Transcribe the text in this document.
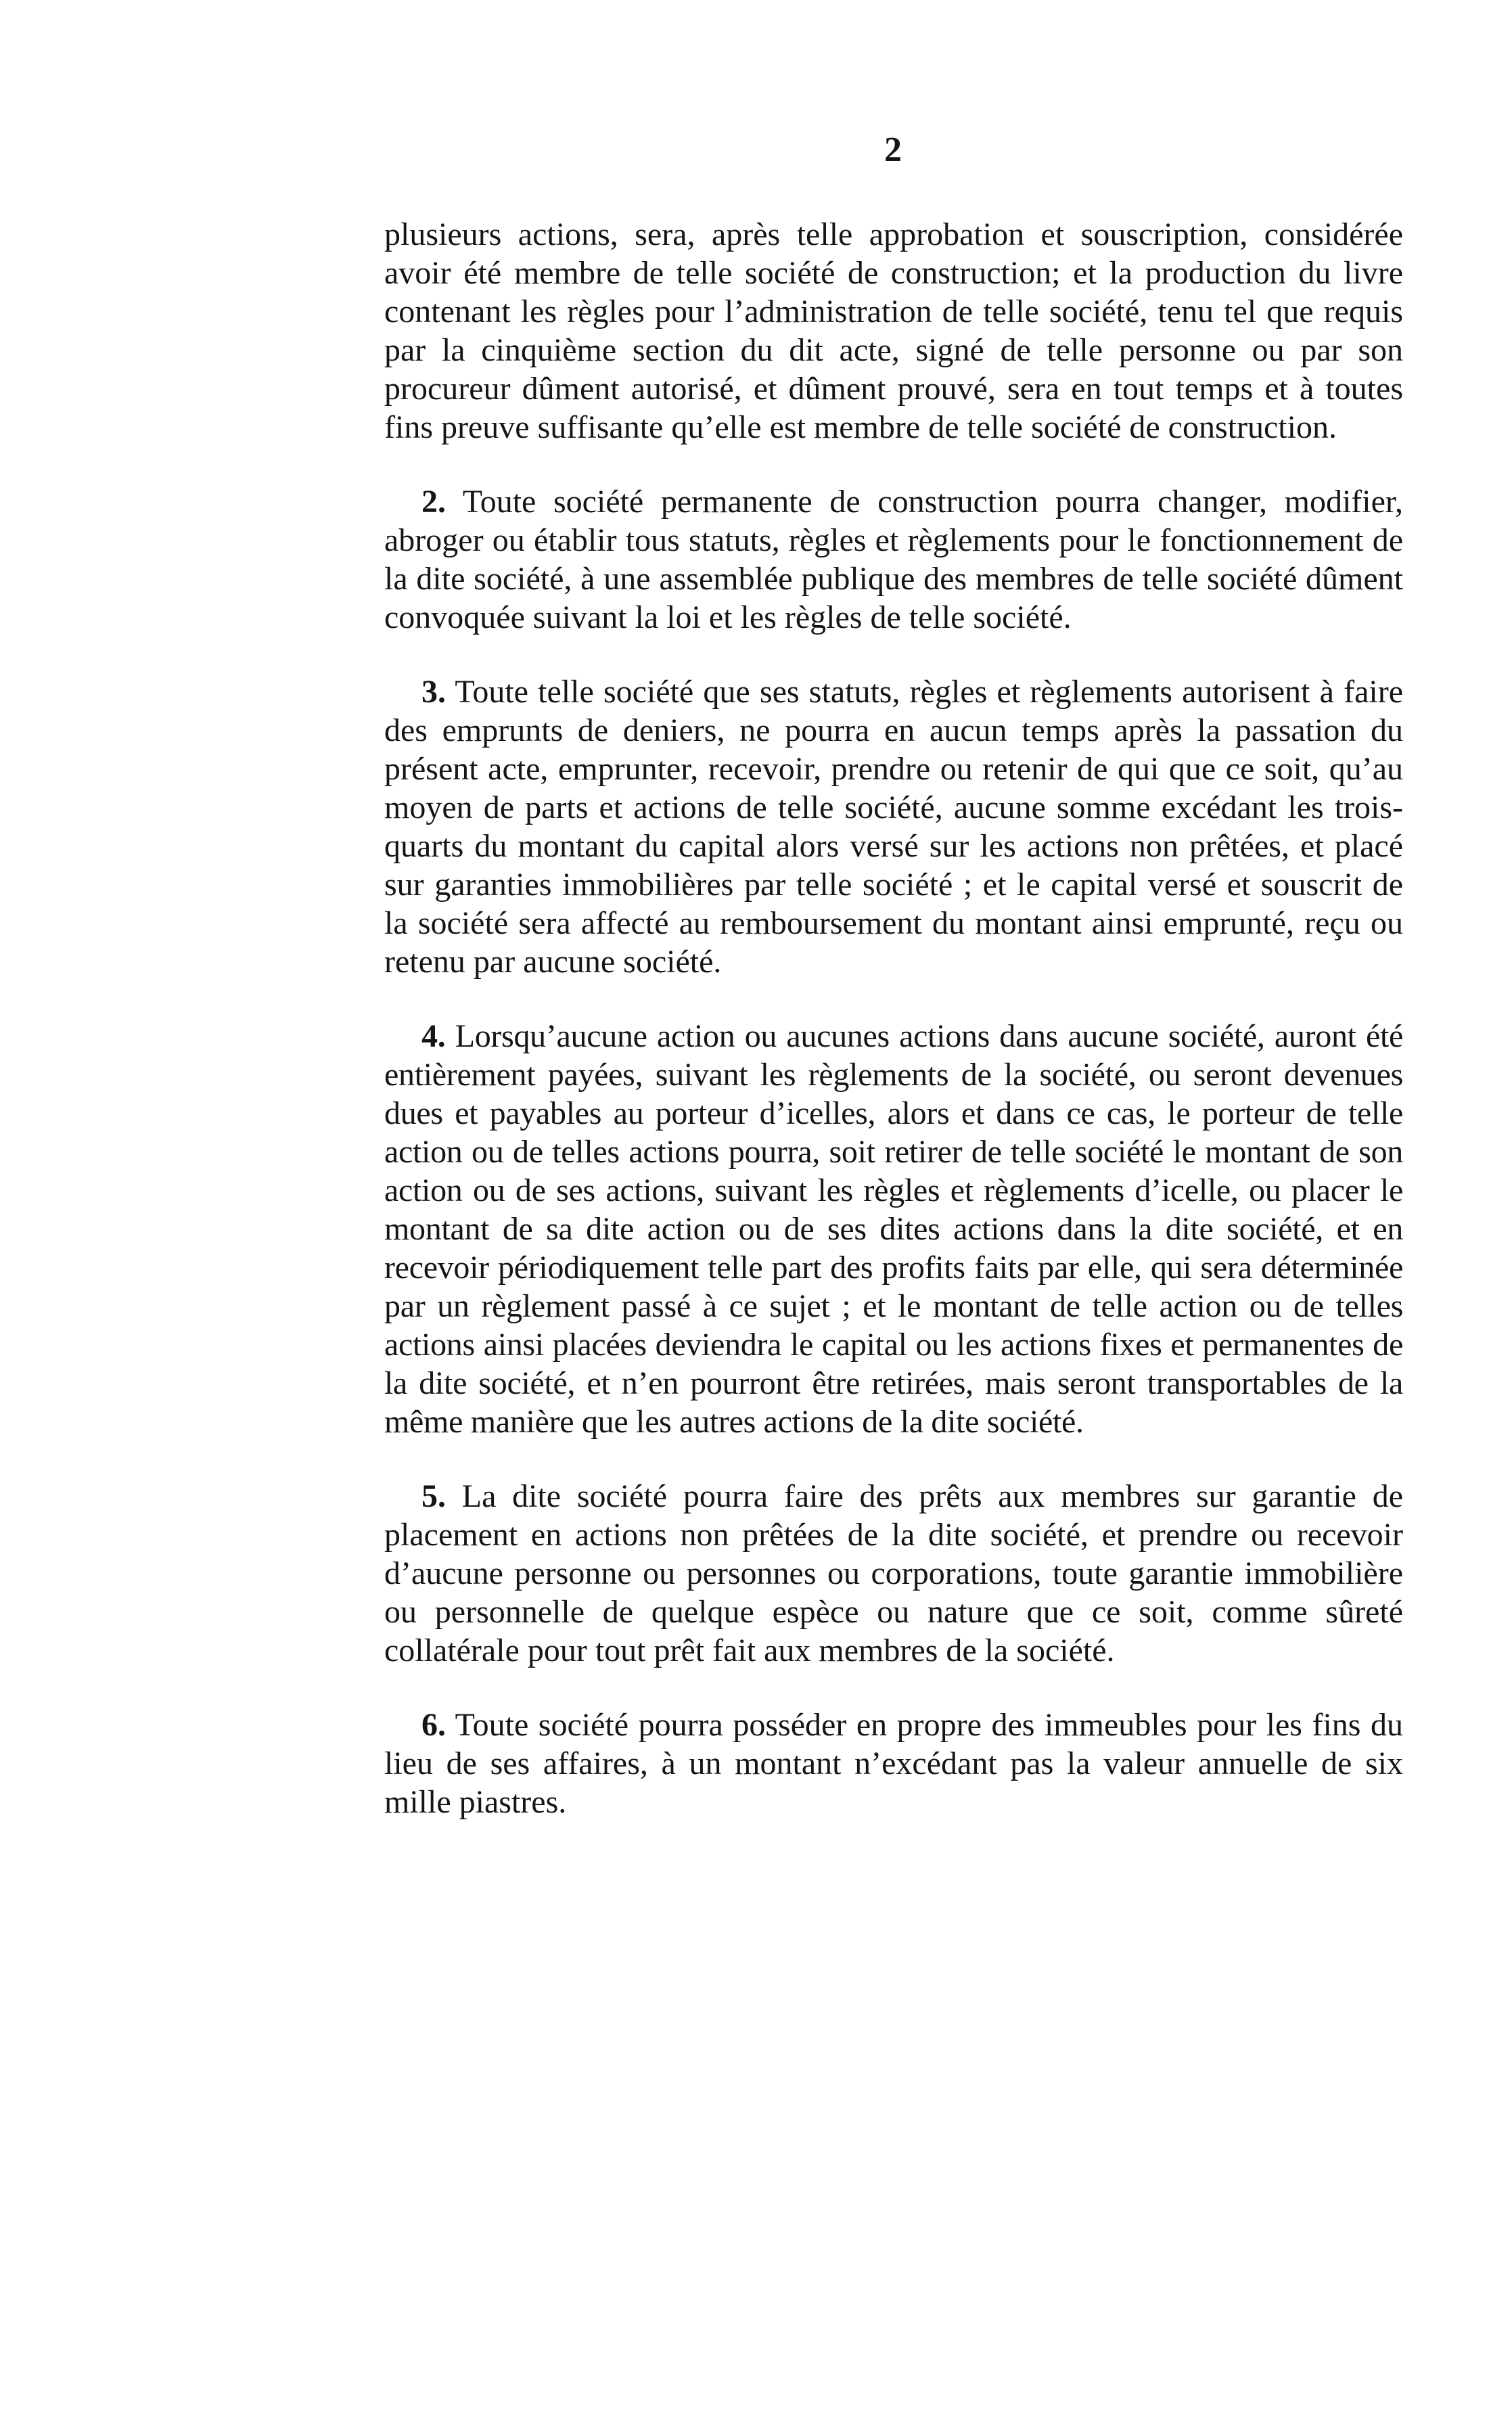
2

plusieurs actions, sera, après telle approbation et souscription, considérée avoir été membre de telle société de construction; et la production du livre contenant les règles pour l’administration de telle société, tenu tel que requis par la cinquième section du dit acte, signé de telle personne ou par son procureur dûment autorisé, et dûment prouvé, sera en tout temps et à toutes fins preuve suffisante qu’elle est membre de telle société de construction.

2. Toute société permanente de construction pourra changer, modifier, abroger ou établir tous statuts, règles et règlements pour le fonctionnement de la dite société, à une assemblée publique des membres de telle société dûment convoquée suivant la loi et les règles de telle société.

3. Toute telle société que ses statuts, règles et règlements autorisent à faire des emprunts de deniers, ne pourra en aucun temps après la passation du présent acte, emprunter, recevoir, prendre ou retenir de qui que ce soit, qu’au moyen de parts et actions de telle société, aucune somme excédant les trois-quarts du montant du capital alors versé sur les actions non prêtées, et placé sur garanties immobilières par telle société ; et le capital versé et souscrit de la société sera affecté au remboursement du montant ainsi emprunté, reçu ou retenu par aucune société.

4. Lorsqu’aucune action ou aucunes actions dans aucune société, auront été entièrement payées, suivant les règlements de la société, ou seront devenues dues et payables au porteur d’icelles, alors et dans ce cas, le porteur de telle action ou de telles actions pourra, soit retirer de telle société le montant de son action ou de ses actions, suivant les règles et règlements d’icelle, ou placer le montant de sa dite action ou de ses dites actions dans la dite société, et en recevoir périodiquement telle part des profits faits par elle, qui sera déterminée par un règlement passé à ce sujet ; et le montant de telle action ou de telles actions ainsi placées deviendra le capital ou les actions fixes et permanentes de la dite société, et n’en pourront être retirées, mais seront transportables de la même manière que les autres actions de la dite société.

5. La dite société pourra faire des prêts aux membres sur garantie de placement en actions non prêtées de la dite société, et prendre ou recevoir d’aucune personne ou personnes ou corporations, toute garantie immobilière ou personnelle de quelque espèce ou nature que ce soit, comme sûreté collatérale pour tout prêt fait aux membres de la société.

6. Toute société pourra posséder en propre des immeubles pour les fins du lieu de ses affaires, à un montant n’excédant pas la valeur annuelle de six mille piastres.
